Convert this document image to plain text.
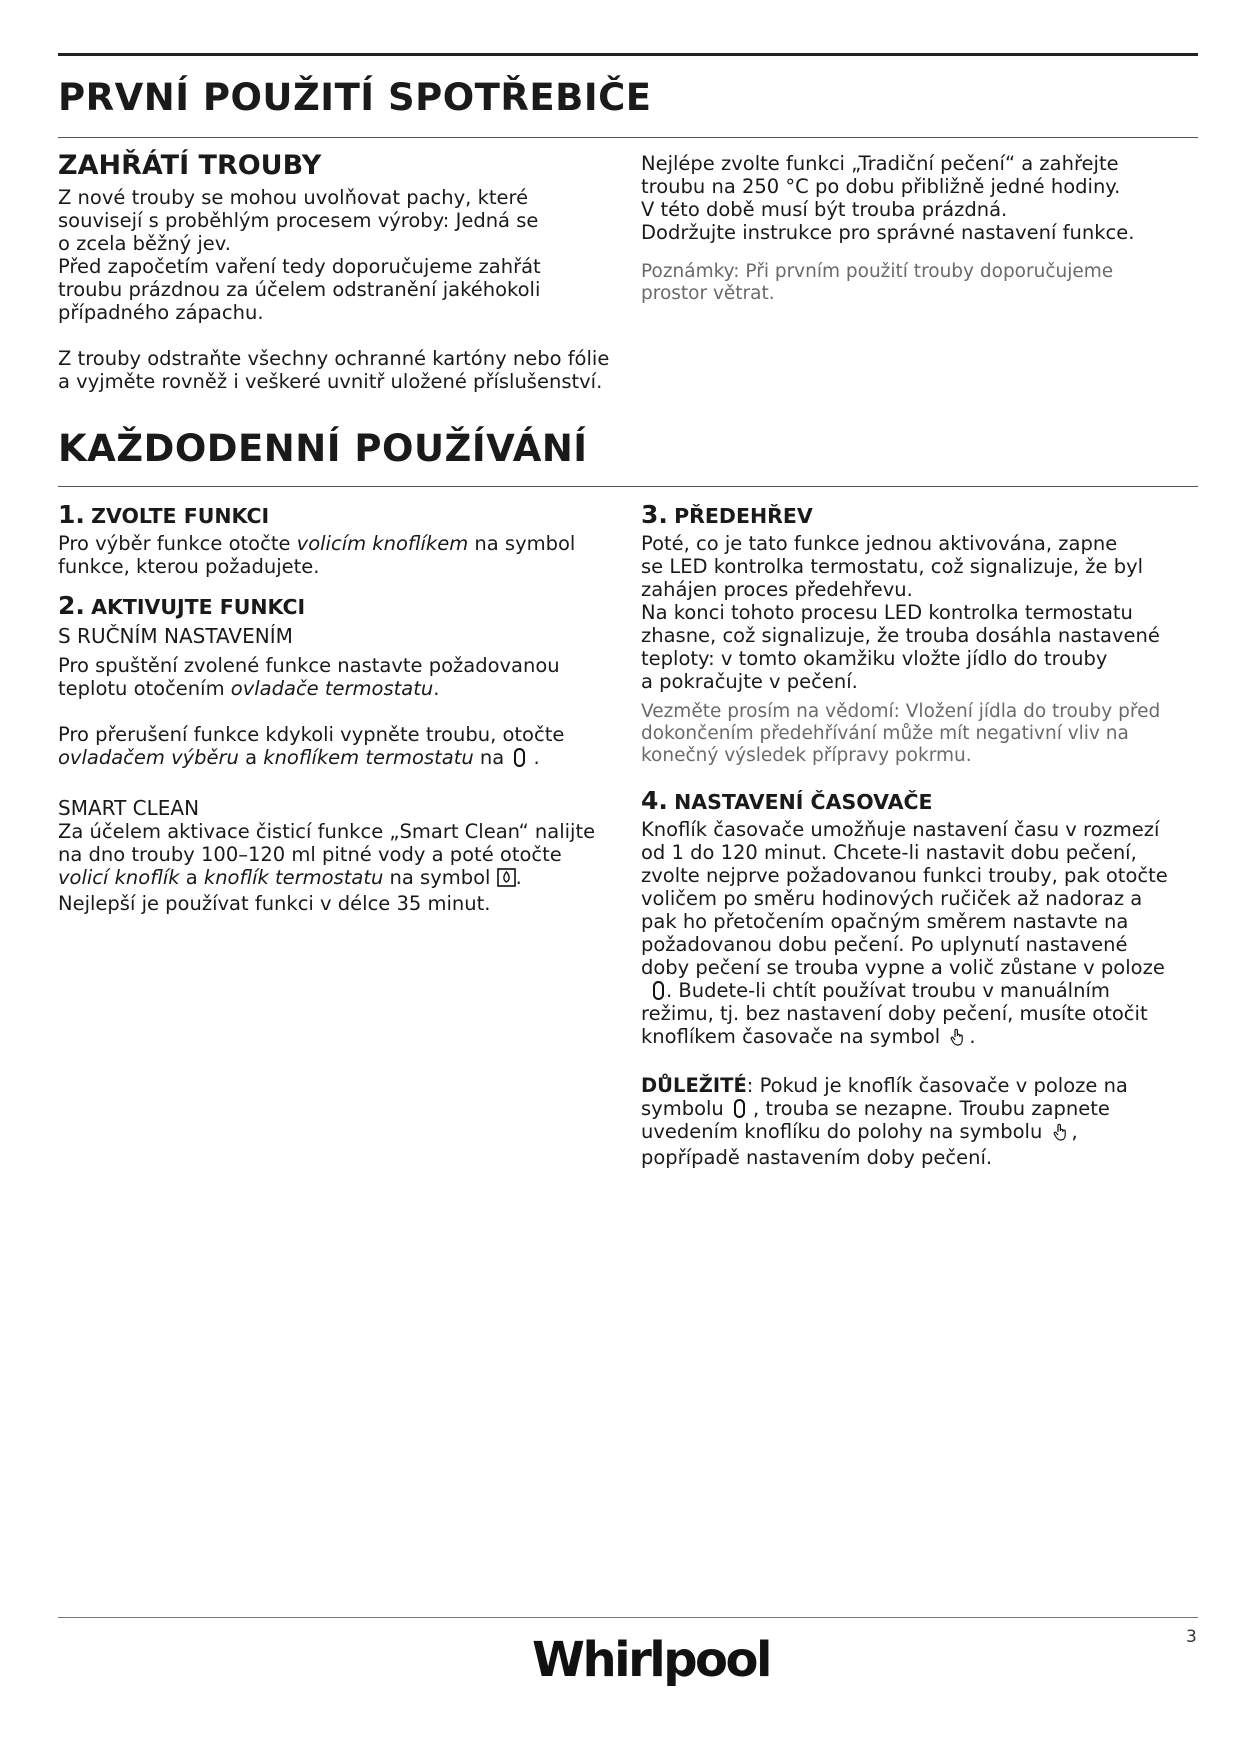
PRVNÍ POUŽITÍ SPOTŘEBIČE
ZAHŘÁTÍ TROUBY

Z nové trouby se mohou uvolňovat pachy, které

souvisejí s proběhlým procesem výroby: Jedná se

o zcela běžný jev.

Před započetím vaření tedy doporučujeme zahřát

troubu prázdnou za účelem odstranění jakéhokoli

případného zápachu.

Z trouby odstraňte všechny ochranné kartóny nebo fólie

a vyjměte rovněž i veškeré uvnitř uložené příslušenství.

Nejlépe zvolte funkci „Tradiční pečení“ a zahřejte

troubu na 250 °C po dobu přibližně jedné hodiny.

V této době musí být trouba prázdná.

Dodržujte instrukce pro správné nastavení funkce.

Poznámky: Při prvním použití trouby doporučujeme

prostor větrat.

KAŽDODENNÍ POUŽÍVÁNÍ

1. ZVOLTE FUNKCI

Pro výběr funkce otočte volicím knoflíkem na symbol

funkce, kterou požadujete.

2. AKTIVUJTE FUNKCI

S RUČNÍM NASTAVENÍM

Pro spuštění zvolené funkce nastavte požadovanou

teplotu otočením ovladače termostatu.

Pro přerušení funkce kdykoli vypněte troubu, otočte

ovladačem výběru a knoflíkem termostatu na .

SMART CLEAN

Za účelem aktivace čisticí funkce „Smart Clean“ nalijte

na dno trouby 100–120 ml pitné vody a poté otočte

volicí knoflík a knoflík termostatu na symbol .

Nejlepší je používat funkci v délce 35 minut.

3. PŘEDEHŘEV

Poté, co je tato funkce jednou aktivována, zapne

se LED kontrolka termostatu, což signalizuje, že byl

zahájen proces předehřevu.

Na konci tohoto procesu LED kontrolka termostatu

zhasne, což signalizuje, že trouba dosáhla nastavené

teploty: v tomto okamžiku vložte jídlo do trouby

a pokračujte v pečení.

Vezměte prosím na vědomí: Vložení jídla do trouby před

dokončením předehřívání může mít negativní vliv na

konečný výsledek přípravy pokrmu.

4. NASTAVENÍ ČASOVAČE

Knoflík časovače umožňuje nastavení času v rozmezí

od 1 do 120 minut. Chcete-li nastavit dobu pečení,

zvolte nejprve požadovanou funkci trouby, pak otočte

voličem po směru hodinových ručiček až nadoraz a

pak ho přetočením opačným směrem nastavte na

požadovanou dobu pečení. Po uplynutí nastavené

doby pečení se trouba vypne a volič zůstane v poloze

. Budete-li chtít používat troubu v manuálním

režimu, tj. bez nastavení doby pečení, musíte otočit

knoflíkem časovače na symbol .

DŮLEŽITÉ: Pokud je knoflík časovače v poloze na

symbolu , trouba se nezapne. Troubu zapnete

uvedením knoflíku do polohy na symbolu ,

popřípadě nastavením doby pečení.

Whirlpool	3
